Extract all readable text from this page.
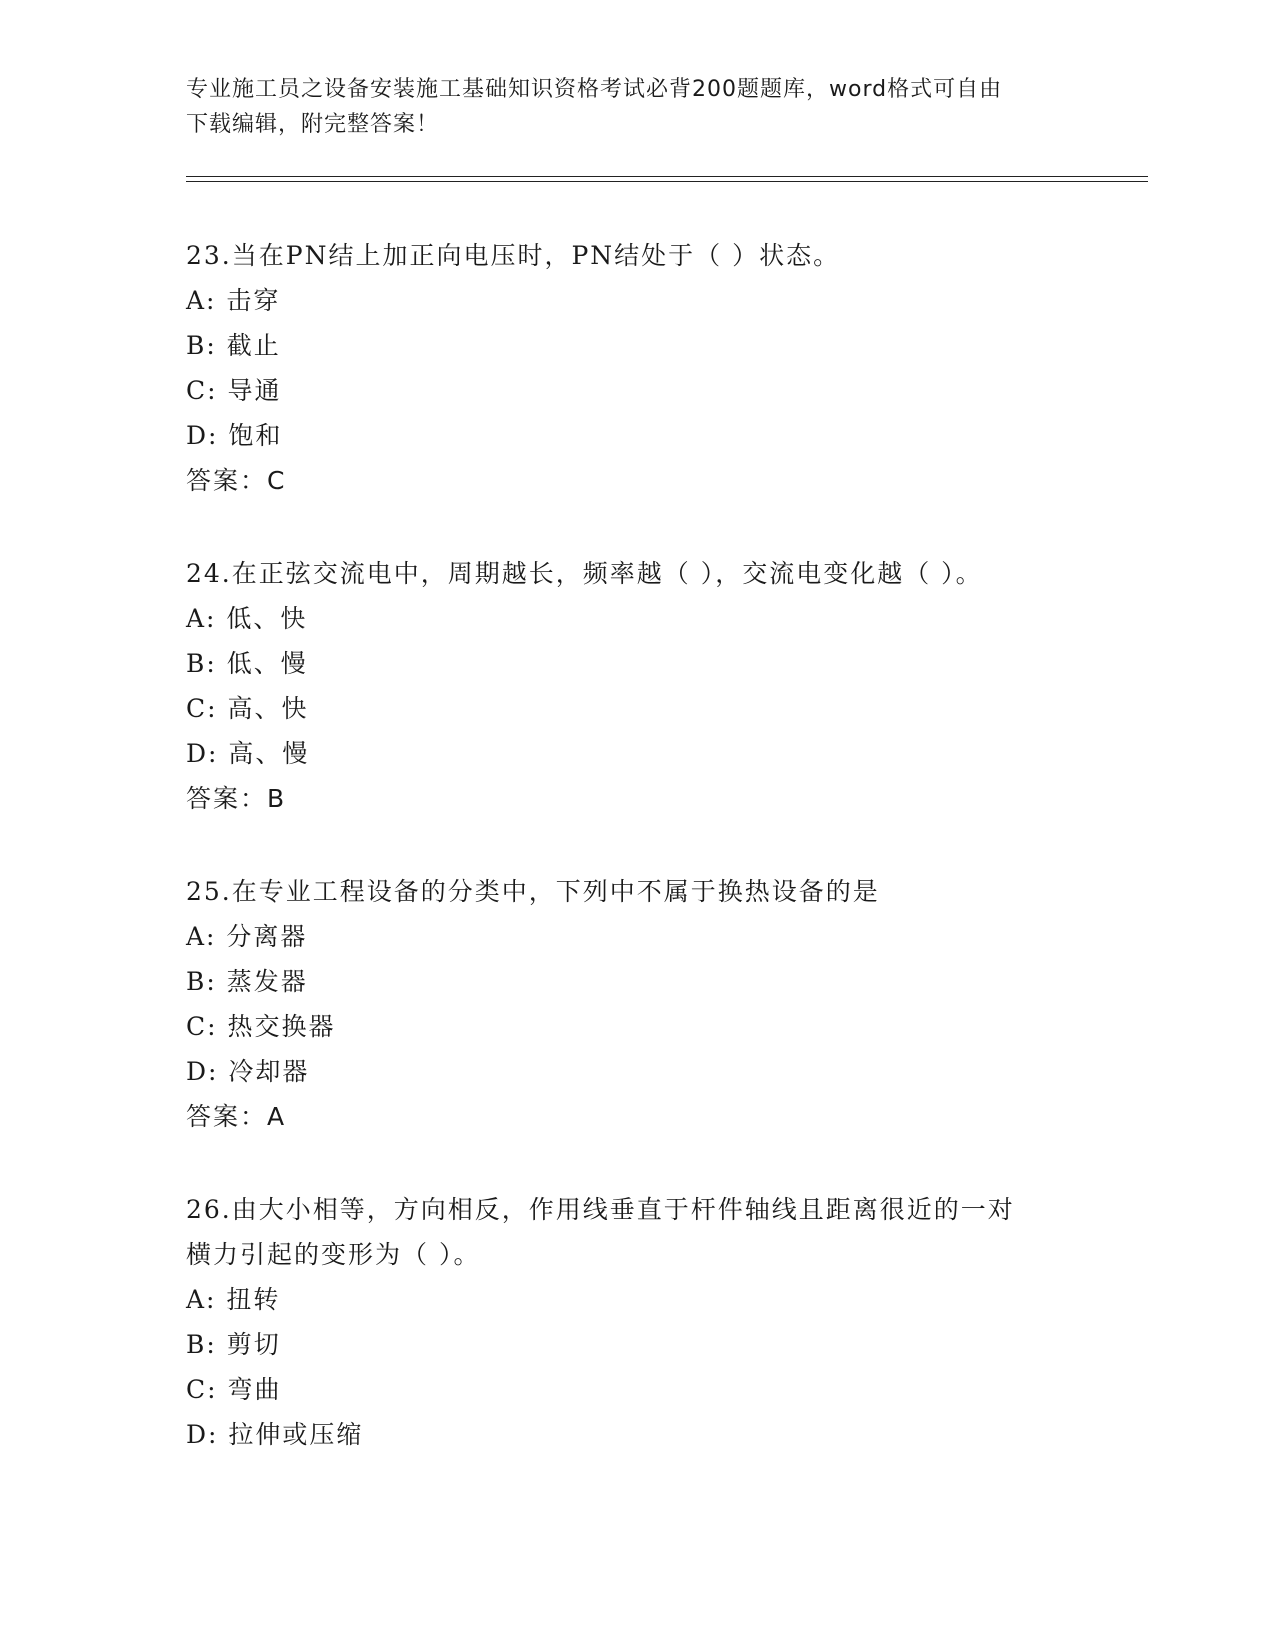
专业施工员之设备安装施工基础知识资格考试必背200题题库，word格式可自由
下载编辑，附完整答案！

23.当在PN结上加正向电压时，PN结处于（ ）状态。

A: 击穿

B: 截止

C: 导通

D: 饱和

答案：C

24.在正弦交流电中，周期越长，频率越（ ），交流电变化越（ ）。

A: 低、快

B: 低、慢

C: 高、快

D: 高、慢

答案：B

25.在专业工程设备的分类中，下列中不属于换热设备的是

A: 分离器

B: 蒸发器

C: 热交换器

D: 冷却器

答案：A

26.由大小相等，方向相反，作用线垂直于杆件轴线且距离很近的一对

横力引起的变形为（ ）。

A: 扭转

B: 剪切

C: 弯曲

D: 拉伸或压缩
